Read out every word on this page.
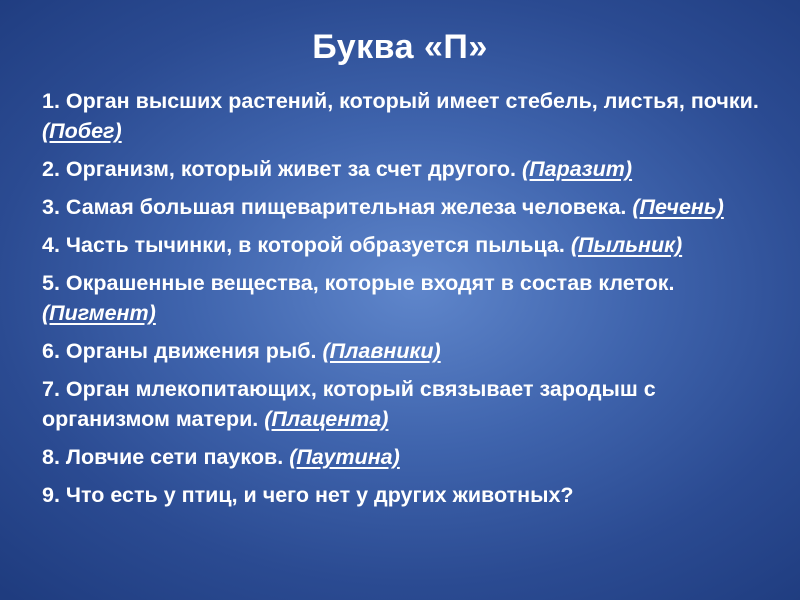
Буква «П»
1. Орган высших растений, который имеет стебель, листья, почки. (Побег)
2. Организм, который живет за счет другого. (Паразит)
3. Самая большая пищеварительная железа человека. (Печень)
4. Часть тычинки, в которой образуется пыльца. (Пыльник)
5. Окрашенные вещества, которые входят в состав клеток. (Пигмент)
6. Органы движения рыб. (Плавники)
7. Орган млекопитающих, который связывает зародыш с организмом матери. (Плацента)
8. Ловчие сети пауков. (Паутина)
9. Что есть у птиц, и чего нет у других животных?
